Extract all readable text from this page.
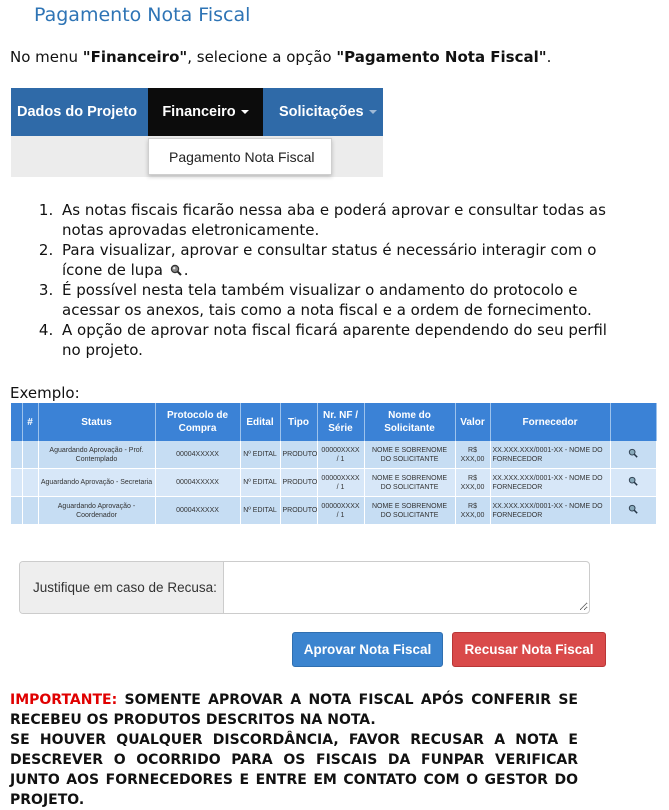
Pagamento Nota Fiscal
No menu "Financeiro", selecione a opção "Pagamento Nota Fiscal".
Dados do Projeto	Financeiro	Solicitações
Pagamento Nota Fiscal
1. As notas fiscais ficarão nessa aba e poderá aprovar e consultar todas as notas aprovadas eletronicamente.
2. Para visualizar, aprovar e consultar status é necessário interagir com o ícone de lupa .
3. É possível nesta tela também visualizar o andamento do protocolo e acessar os anexos, tais como a nota fiscal e a ordem de fornecimento.
4. A opção de aprovar nota fiscal ficará aparente dependendo do seu perfil no projeto.
Exemplo:
	#	Status	Protocolo de Compra	Edital	Tipo	Nr. NF / Série	Nome do Solicitante	Valor	Fornecedor	
		Aguardando Aprovação - Prof. Contemplado	00004XXXXX	Nº EDITAL	PRODUTO	00000XXXX / 1	NOME E SOBRENOME DO SOLICITANTE	R$ XXX,00	XX.XXX.XXX/0001-XX - NOME DO FORNECEDOR	
		Aguardando Aprovação - Secretaria	00004XXXXX	Nº EDITAL	PRODUTO	00000XXXX / 1	NOME E SOBRENOME DO SOLICITANTE	R$ XXX,00	XX.XXX.XXX/0001-XX - NOME DO FORNECEDOR	
		Aguardando Aprovação - Coordenador	00004XXXXX	Nº EDITAL	PRODUTO	00000XXXX / 1	NOME E SOBRENOME DO SOLICITANTE	R$ XXX,00	XX.XXX.XXX/0001-XX - NOME DO FORNECEDOR	
Justifique em caso de Recusa:
Aprovar Nota Fiscal	Recusar Nota Fiscal
IMPORTANTE: SOMENTE APROVAR A NOTA FISCAL APÓS CONFERIR SE RECEBEU OS PRODUTOS DESCRITOS NA NOTA.
SE HOUVER QUALQUER DISCORDÂNCIA, FAVOR RECUSAR A NOTA E DESCREVER O OCORRIDO PARA OS FISCAIS DA FUNPAR VERIFICAR JUNTO AOS FORNECEDORES E ENTRE EM CONTATO COM O GESTOR DO PROJETO.
